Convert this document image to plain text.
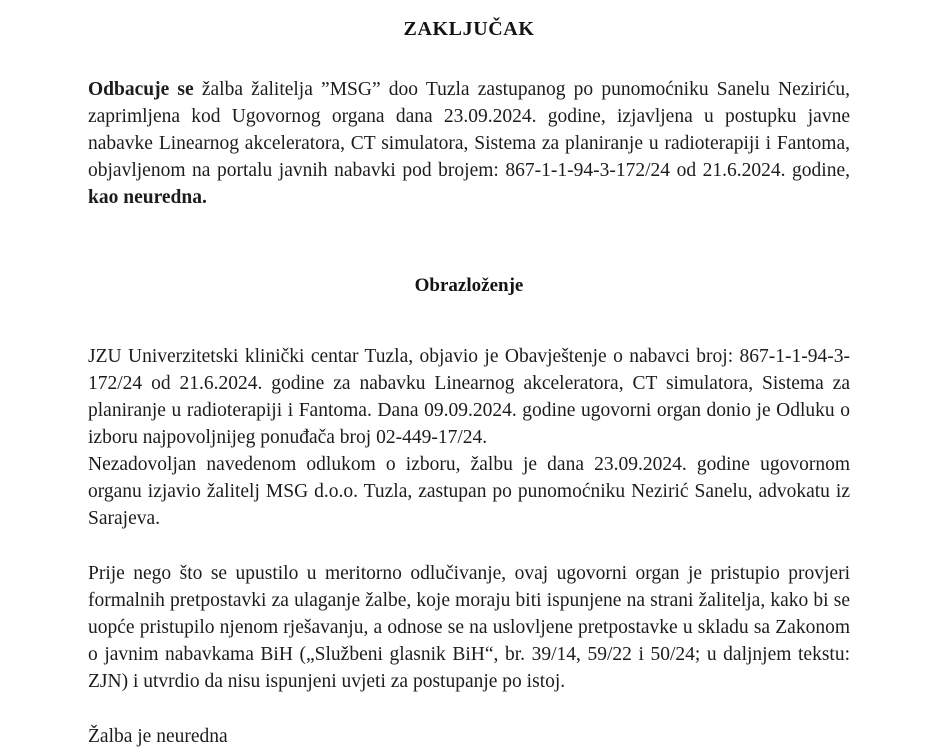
ZAKLJUČAK

Odbacuje se žalba žalitelja ”MSG” doo Tuzla zastupanog po punomoćniku Sanelu Neziriću, zaprimljena kod Ugovornog organa dana 23.09.2024. godine, izjavljena u postupku javne nabavke Linearnog akceleratora, CT simulatora, Sistema za planiranje u radioterapiji i Fantoma, objavljenom na portalu javnih nabavki pod brojem: 867-1-1-94-3-172/24 od 21.6.2024. godine, kao neuredna.

Obrazloženje

JZU Univerzitetski klinički centar Tuzla, objavio je Obavještenje o nabavci broj: 867-1-1-94-3-172/24 od 21.6.2024. godine za nabavku Linearnog akceleratora, CT simulatora, Sistema za planiranje u radioterapiji i Fantoma. Dana 09.09.2024. godine ugovorni organ donio je Odluku o izboru najpovoljnijeg ponuđača broj 02-449-17/24.

Nezadovoljan navedenom odlukom o izboru, žalbu je dana 23.09.2024. godine ugovornom organu izjavio žalitelj MSG d.o.o. Tuzla, zastupan po punomoćniku Nezirić Sanelu, advokatu iz Sarajeva.

Prije nego što se upustilo u meritorno odlučivanje, ovaj ugovorni organ je pristupio provjeri formalnih pretpostavki za ulaganje žalbe, koje moraju biti ispunjene na strani žalitelja, kako bi se uopće pristupilo njenom rješavanju, a odnose se na uslovljene pretpostavke u skladu sa Zakonom o javnim nabavkama BiH („Službeni glasnik BiH“, br. 39/14, 59/22 i 50/24; u daljnjem tekstu: ZJN) i utvrdio da nisu ispunjeni uvjeti za postupanje po istoj.

Žalba je neuredna
